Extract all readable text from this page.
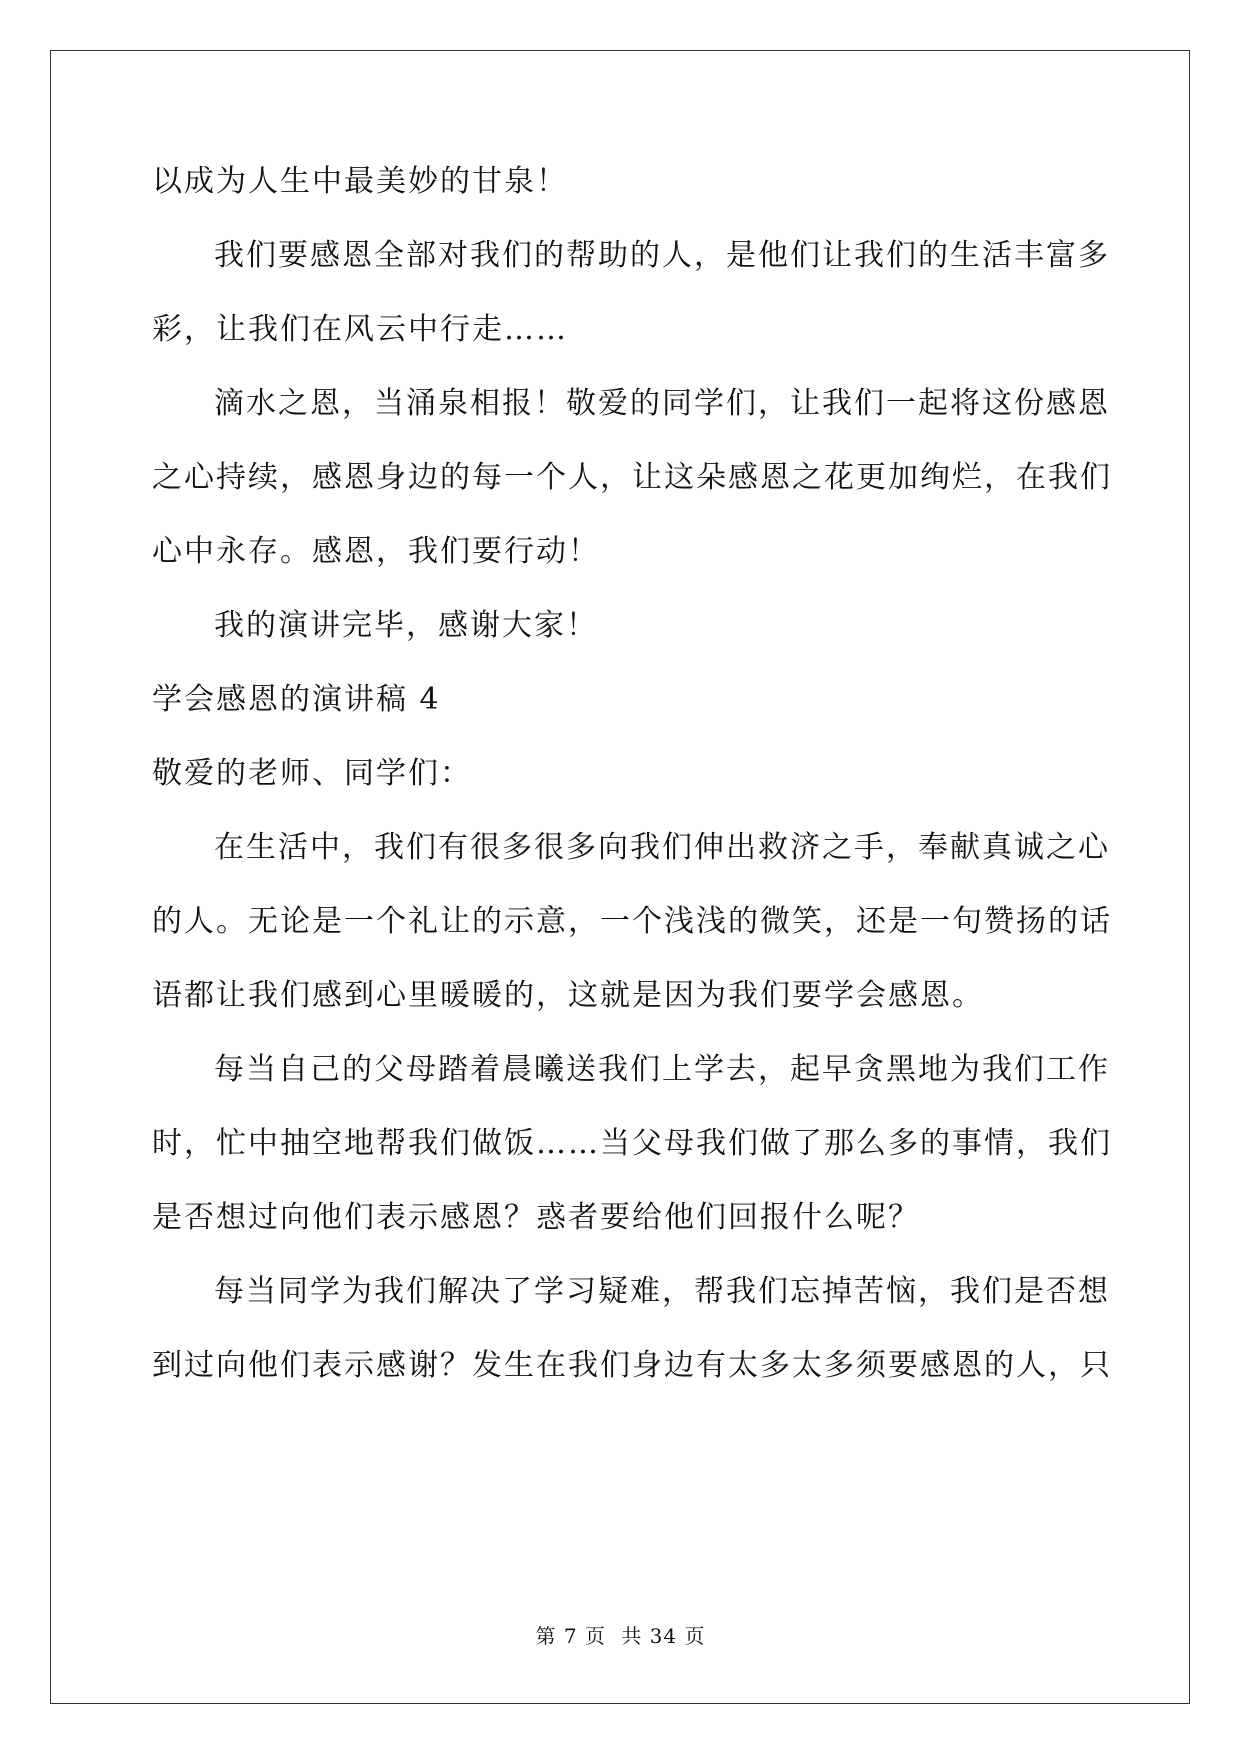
以成为人生中最美妙的甘泉！
我们要感恩全部对我们的帮助的人，是他们让我们的生活丰富多
彩，让我们在风云中行走……
滴水之恩，当涌泉相报！敬爱的同学们，让我们一起将这份感恩
之心持续，感恩身边的每一个人，让这朵感恩之花更加绚烂，在我们
心中永存。感恩，我们要行动！
我的演讲完毕，感谢大家！
学会感恩的演讲稿 4
敬爱的老师、同学们：
在生活中，我们有很多很多向我们伸出救济之手，奉献真诚之心
的人。无论是一个礼让的示意，一个浅浅的微笑，还是一句赞扬的话
语都让我们感到心里暖暖的，这就是因为我们要学会感恩。
每当自己的父母踏着晨曦送我们上学去，起早贪黑地为我们工作
时，忙中抽空地帮我们做饭……当父母我们做了那么多的事情，我们
是否想过向他们表示感恩？惑者要给他们回报什么呢？
每当同学为我们解决了学习疑难，帮我们忘掉苦恼，我们是否想
到过向他们表示感谢？发生在我们身边有太多太多须要感恩的人，只
第 7 页 共 34 页
